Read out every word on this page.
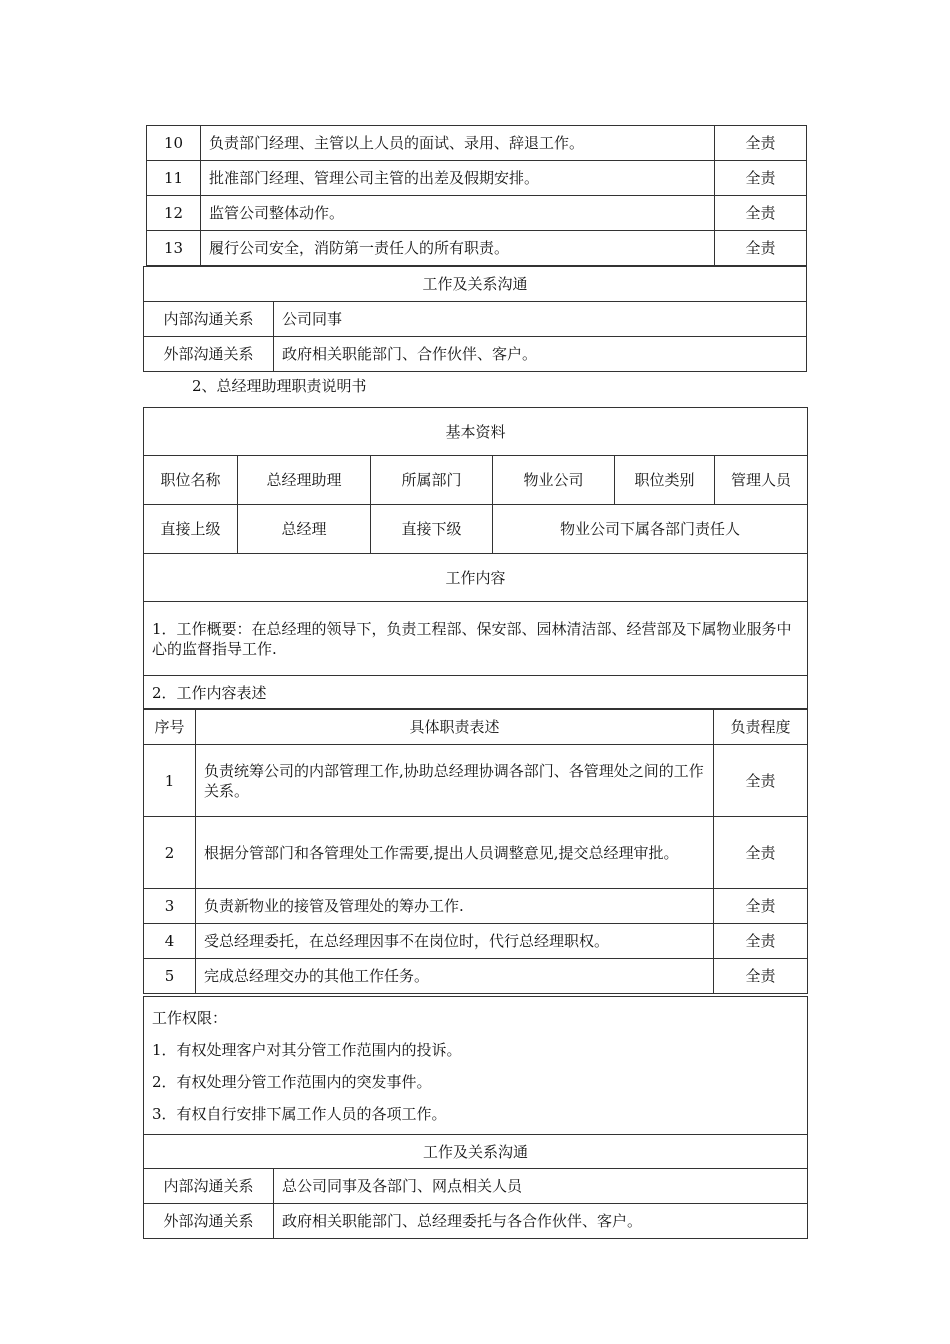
10	负责部门经理、主管以上人员的面试、录用、辞退工作。	全责
11	批准部门经理、管理公司主管的出差及假期安排。	全责
12	监管公司整体动作。	全责
13	履行公司安全，消防第一责任人的所有职责。	全责
工作及关系沟通	
内部沟通关系	公司同事
外部沟通关系	政府相关职能部门、合作伙伴、客户。
2、总经理助理职责说明书
基本资料					
职位名称	总经理助理	所属部门	物业公司	职位类别	管理人员
直接上级	总经理	直接下级	物业公司下属各部门责任人		
工作内容					
1．工作概要：在总经理的领导下，负责工程部、保安部、园林清洁部、经营部及下属物业服务中心的监督指导工作.					
2．工作内容表述					
序号	具体职责表述	负责程度
1	负责统筹公司的内部管理工作,协助总经理协调各部门、各管理处之间的工作关系。	全责
2	根据分管部门和各管理处工作需要,提出人员调整意见,提交总经理审批。	全责
3	负责新物业的接管及管理处的筹办工作.	全责
4	受总经理委托，在总经理因事不在岗位时，代行总经理职权。	全责
5	完成总经理交办的其他工作任务。	全责
工作权限：
1．有权处理客户对其分管工作范围内的投诉。
2．有权处理分管工作范围内的突发事件。
3．有权自行安排下属工作人员的各项工作。	

工作及关系沟通	
内部沟通关系	总公司同事及各部门、网点相关人员
外部沟通关系	政府相关职能部门、总经理委托与各合作伙伴、客户。
